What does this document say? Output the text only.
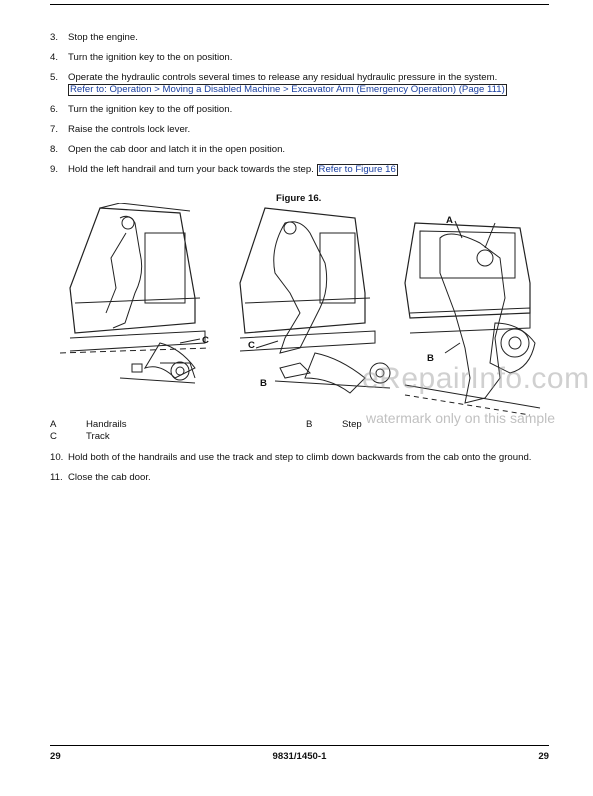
3. Stop the engine.
4. Turn the ignition key to the on position.
5. Operate the hydraulic controls several times to release any residual hydraulic pressure in the system.
Refer to: Operation > Moving a Disabled Machine > Excavator Arm (Emergency Operation) (Page 111)
6. Turn the ignition key to the off position.
7. Raise the controls lock lever.
8. Open the cab door and latch it in the open position.
9. Hold the left handrail and turn your back towards the step. Refer to Figure 16
Figure 16.
C	C
B
A
B
eRepairInfo.com
A	Handrails	B	Step
C	Track
watermark only on this sample
10. Hold both of the handrails and use the track and step to climb down backwards from the cab onto the ground.
11. Close the cab door.
29	9831/1450-1	29
